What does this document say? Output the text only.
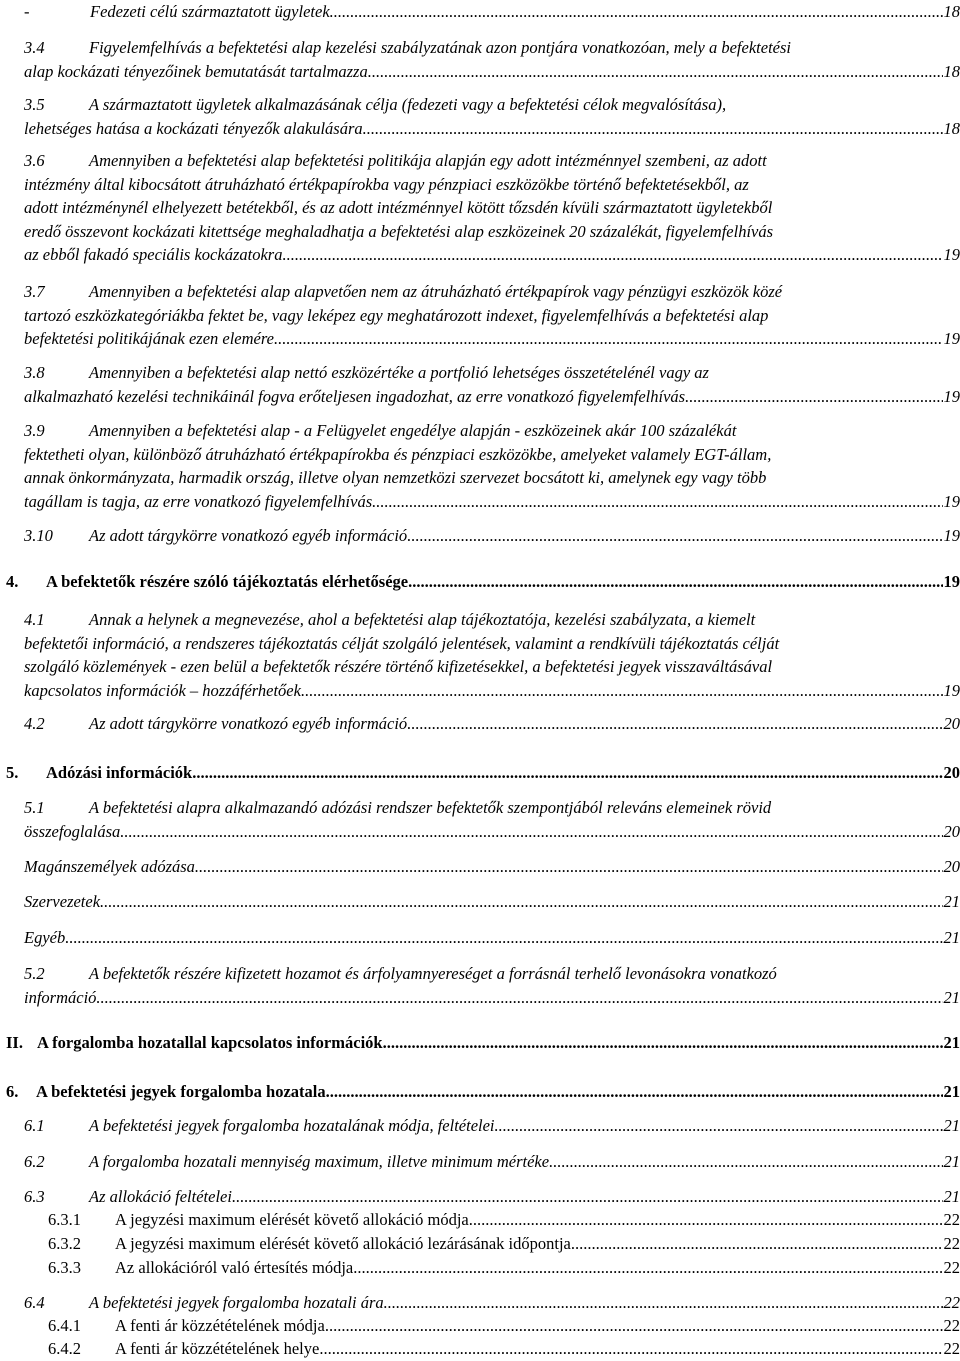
-	Fedezeti célú származtatott ügyletek .....	18
3.4	Figyelemfelhívás a befektetési alap kezelési szabályzatának azon pontjára vonatkozóan, mely a befektetési
alap kockázati tényezőinek bemutatását tartalmazza .....	18
3.5	A származtatott ügyletek alkalmazásának célja (fedezeti vagy a befektetési célok megvalósítása),
lehetséges hatása a kockázati tényezők alakulására .....	18
3.6	Amennyiben a befektetési alap befektetési politikája alapján egy adott intézménnyel szembeni, az adott
intézmény által kibocsátott átruházható értékpapírokba vagy pénzpiaci eszközökbe történő befektetésekből, az
adott intézménynél elhelyezett betétekből, és az adott intézménnyel kötött tőzsdén kívüli származtatott ügyletekből
eredő összevont kockázati kitettsége meghaladhatja a befektetési alap eszközeinek 20 százalékát, figyelemfelhívás
az ebből fakadó speciális kockázatokra .....	19
3.7	Amennyiben a befektetési alap alapvetően nem az átruházható értékpapírok vagy pénzügyi eszközök közé
tartozó eszközkategóriákba fektet be, vagy leképez egy meghatározott indexet, figyelemfelhívás a befektetési alap
befektetési politikájának ezen elemére .....	19
3.8	Amennyiben a befektetési alap nettó eszközértéke a portfolió lehetséges összetételénél vagy az
alkalmazható kezelési technikáinál fogva erőteljesen ingadozhat, az erre vonatkozó figyelemfelhívás .....	19
3.9	Amennyiben a befektetési alap - a Felügyelet engedélye alapján - eszközeinek akár 100 százalékát
fektetheti olyan, különböző átruházható értékpapírokba és pénzpiaci eszközökbe, amelyeket valamely EGT-állam,
annak önkormányzata, harmadik ország, illetve olyan nemzetközi szervezet bocsátott ki, amelynek egy vagy több
tagállam is tagja, az erre vonatkozó figyelemfelhívás .....	19
3.10 Az adott tárgykörre vonatkozó egyéb információ .....	19
4. A befektetők részére szóló tájékoztatás elérhetősége .....	19
4.1	Annak a helynek a megnevezése, ahol a befektetési alap tájékoztatója, kezelési szabályzata, a kiemelt
befektetői információ, a rendszeres tájékoztatás célját szolgáló jelentések, valamint a rendkívüli tájékoztatás célját
szolgáló közlemények - ezen belül a befektetők részére történő kifizetésekkel, a befektetési jegyek visszaváltásával
kapcsolatos információk – hozzáférhetőek .....	19
4.2	Az adott tárgykörre vonatkozó egyéb információ .....	20
5. Adózási információk .....	20
5.1	A befektetési alapra alkalmazandó adózási rendszer befektetők szempontjából releváns elemeinek rövid
összefoglalása .....	20
Magánszemélyek adózása .....	20
Szervezetek .....	21
Egyéb .....	21
5.2	A befektetők részére kifizetett hozamot és árfolyamnyereséget a forrásnál terhelő levonásokra vonatkozó
információ .....	21
II. A forgalomba hozatallal kapcsolatos információk .....	21
6. A befektetési jegyek forgalomba hozatala .....	21
6.1	A befektetési jegyek forgalomba hozatalának módja, feltételei .....	21
6.2	A forgalomba hozatali mennyiség maximum, illetve minimum mértéke .....	21
6.3	Az allokáció feltételei .....	21
6.3.1 A jegyzési maximum elérését követő allokáció módja .....	22
6.3.2 A jegyzési maximum elérését követő allokáció lezárásának időpontja .....	22
6.3.3 Az allokációról való értesítés módja .....	22
6.4	A befektetési jegyek forgalomba hozatali ára .....	22
6.4.1 A fenti ár közzétételének módja .....	22
6.4.2 A fenti ár közzétételének helye .....	22
